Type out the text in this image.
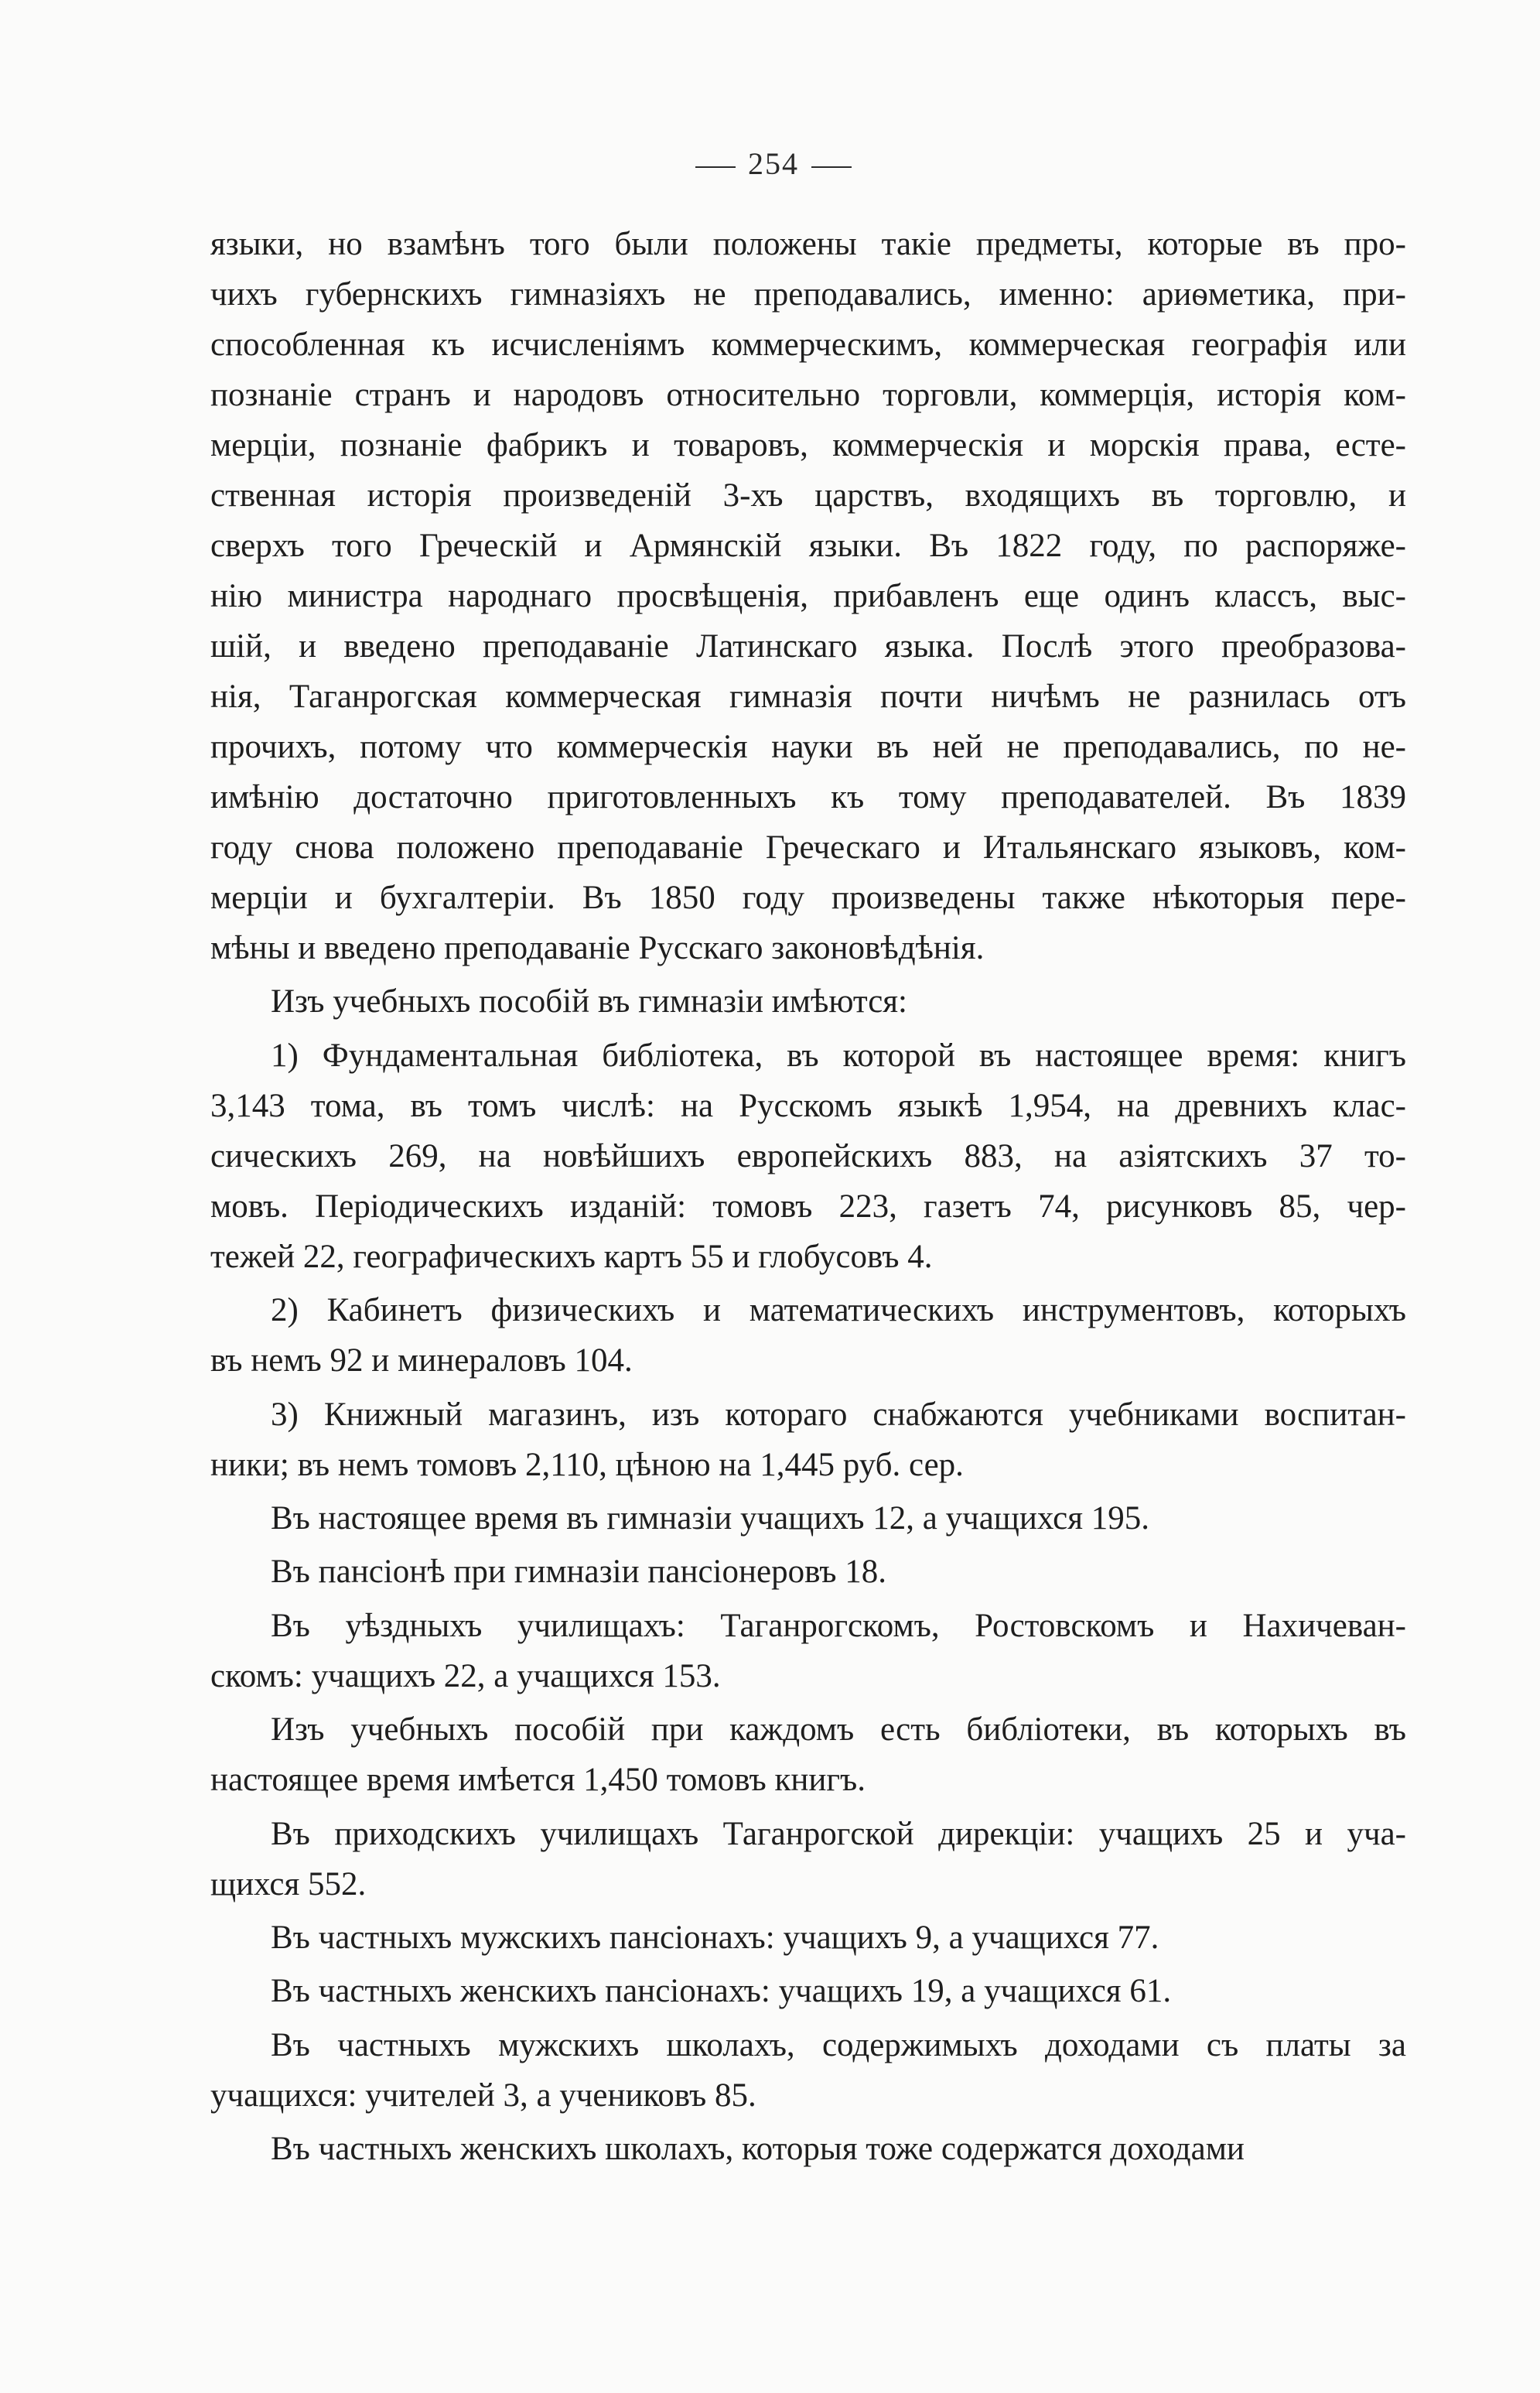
254
языки, но взамѣнъ того были положены такіе предметы, которые въ про-
чихъ губернскихъ гимназіяхъ не преподавались, именно: ариѳметика, при-
способленная къ исчисленіямъ коммерческимъ, коммерческая географія или
познаніе странъ и народовъ относительно торговли, коммерція, исторія ком-
мерціи, познаніе фабрикъ и товаровъ, коммерческія и морскія права, есте-
ственная исторія произведеній 3-хъ царствъ, входящихъ въ торговлю, и
сверхъ того Греческій и Армянскій языки. Въ 1822 году, по распоряже-
нію министра народнаго просвѣщенія, прибавленъ еще одинъ классъ, выс-
шій, и введено преподаваніе Латинскаго языка. Послѣ этого преобразова-
нія, Таганрогская коммерческая гимназія почти ничѣмъ не разнилась отъ
прочихъ, потому что коммерческія науки въ ней не преподавались, по не-
имѣнію достаточно приготовленныхъ къ тому преподавателей. Въ 1839
году снова положено преподаваніе Греческаго и Итальянскаго языковъ, ком-
мерціи и бухгалтеріи. Въ 1850 году произведены также нѣкоторыя пере-
мѣны и введено преподаваніе Русскаго законовѣдѣнія.
Изъ учебныхъ пособій въ гимназіи имѣются:
1) Фундаментальная библіотека, въ которой въ настоящее время: книгъ
3,143 тома, въ томъ числѣ: на Русскомъ языкѣ 1,954, на древнихъ клас-
сическихъ 269, на новѣйшихъ европейскихъ 883, на азіятскихъ 37 то-
мовъ. Періодическихъ изданій: томовъ 223, газетъ 74, рисунковъ 85, чер-
тежей 22, географическихъ картъ 55 и глобусовъ 4.
2) Кабинетъ физическихъ и математическихъ инструментовъ, которыхъ
въ немъ 92 и минераловъ 104.
3) Книжный магазинъ, изъ котораго снабжаются учебниками воспитан-
ники; въ немъ томовъ 2,110, цѣною на 1,445 руб. сер.
Въ настоящее время въ гимназіи учащихъ 12, а учащихся 195.
Въ пансіонѣ при гимназіи пансіонеровъ 18.
Въ уѣздныхъ училищахъ: Таганрогскомъ, Ростовскомъ и Нахичеван-
скомъ: учащихъ 22, а учащихся 153.
Изъ учебныхъ пособій при каждомъ есть библіотеки, въ которыхъ въ
настоящее время имѣется 1,450 томовъ книгъ.
Въ приходскихъ училищахъ Таганрогской дирекціи: учащихъ 25 и уча-
щихся 552.
Въ частныхъ мужскихъ пансіонахъ: учащихъ 9, а учащихся 77.
Въ частныхъ женскихъ пансіонахъ: учащихъ 19, а учащихся 61.
Въ частныхъ мужскихъ школахъ, содержимыхъ доходами съ платы за
учащихся: учителей 3, а учениковъ 85.
Въ частныхъ женскихъ школахъ, которыя тоже содержатся доходами
